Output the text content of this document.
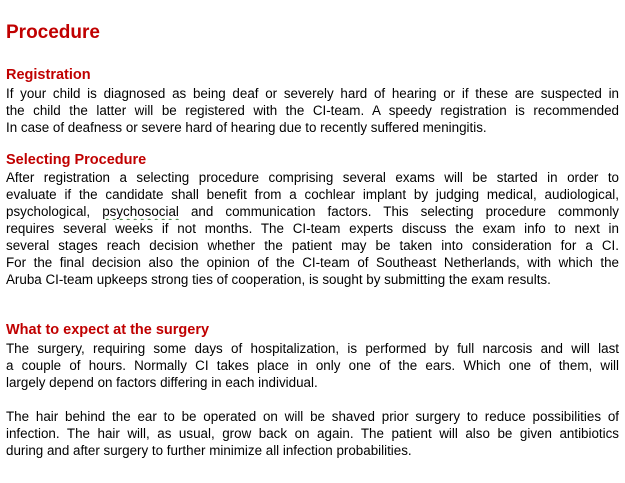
Procedure
Registration
If your child is diagnosed as being deaf or severely hard of hearing or if these are suspected in
the child the latter will be registered with the CI-team. A speedy registration is recommended
In case of deafness or severe hard of hearing due to recently suffered meningitis.
Selecting Procedure
After registration a selecting procedure comprising several exams will be started in order to
evaluate if the candidate shall benefit from a cochlear implant by judging medical, audiological,
psychological, psychosocial and communication factors. This selecting procedure commonly
requires several weeks if not months. The CI-team experts discuss the exam info to next in
several stages reach decision whether the patient may be taken into consideration for a CI.
For the final decision also the opinion of the CI-team of Southeast Netherlands, with which the
Aruba CI-team upkeeps strong ties of cooperation, is sought by submitting the exam results.
What to expect at the surgery
The surgery, requiring some days of hospitalization, is performed by full narcosis and will last
a couple of hours. Normally CI takes place in only one of the ears. Which one of them, will
largely depend on factors differing in each individual.
The hair behind the ear to be operated on will be shaved prior surgery to reduce possibilities of
infection. The hair will, as usual, grow back on again. The patient will also be given antibiotics
during and after surgery to further minimize all infection probabilities.
